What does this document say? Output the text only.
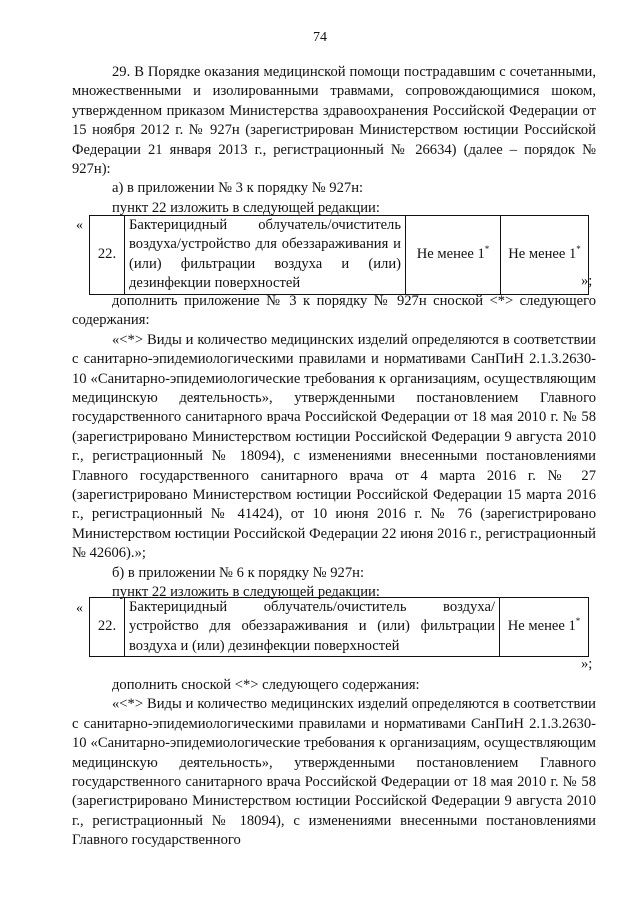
74
29. В Порядке оказания медицинской помощи пострадавшим с сочетанными, множественными и изолированными травмами, сопровождающимися шоком, утвержденном приказом Министерства здравоохранения Российской Федерации от 15 ноября 2012 г. № 927н (зарегистрирован Министерством юстиции Российской Федерации 21 января 2013 г., регистрационный № 26634) (далее – порядок № 927н):
а) в приложении № 3 к порядку № 927н:
пункт 22 изложить в следующей редакции:
«
22.	Бактерицидный облучатель/очиститель воздуха/устройство для обеззараживания и (или) фильтрации воздуха и (или) дезинфекции поверхностей	Не менее 1*	Не менее 1*
»;
дополнить приложение № 3 к порядку № 927н сноской <*> следующего содержания:
«<*> Виды и количество медицинских изделий определяются в соответствии с санитарно-эпидемиологическими правилами и нормативами СанПиН 2.1.3.2630-10 «Санитарно-эпидемиологические требования к организациям, осуществляющим медицинскую деятельность», утвержденными постановлением Главного государственного санитарного врача Российской Федерации от 18 мая 2010 г. № 58 (зарегистрировано Министерством юстиции Российской Федерации 9 августа 2010 г., регистрационный № 18094), с изменениями внесенными постановлениями Главного государственного санитарного врача от 4 марта 2016 г. № 27 (зарегистрировано Министерством юстиции Российской Федерации 15 марта 2016 г., регистрационный № 41424), от 10 июня 2016 г. № 76 (зарегистрировано Министерством юстиции Российской Федерации 22 июня 2016 г., регистрационный № 42606).»;
б) в приложении № 6 к порядку № 927н:
пункт 22 изложить в следующей редакции:
«
22.	Бактерицидный облучатель/очиститель воздуха/устройство для обеззараживания и (или) фильтрации воздуха и (или) дезинфекции поверхностей	Не менее 1*
»;
дополнить сноской <*> следующего содержания:
«<*> Виды и количество медицинских изделий определяются в соответствии с санитарно-эпидемиологическими правилами и нормативами СанПиН 2.1.3.2630-10 «Санитарно-эпидемиологические требования к организациям, осуществляющим медицинскую деятельность», утвержденными постановлением Главного государственного санитарного врача Российской Федерации от 18 мая 2010 г. № 58 (зарегистрировано Министерством юстиции Российской Федерации 9 августа 2010 г., регистрационный № 18094), с изменениями внесенными постановлениями Главного государственного
